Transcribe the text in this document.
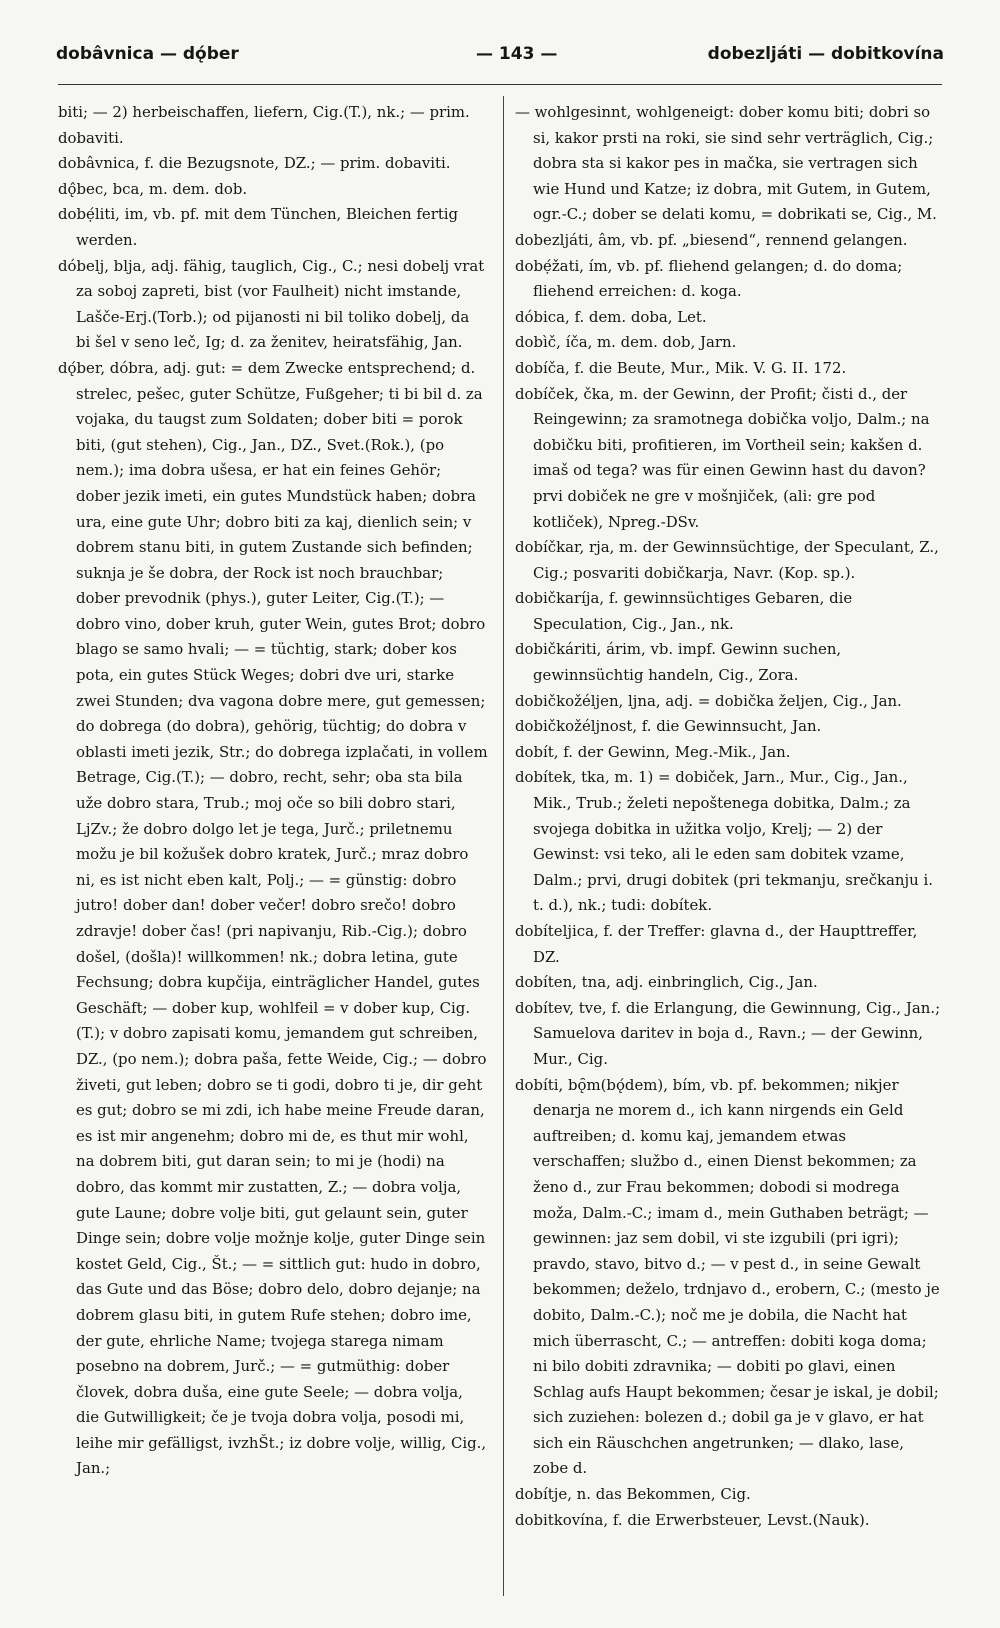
dobâvnica — dǫ́ber	— 143 —	dobezljáti — dobitkovína

biti; — 2) herbeischaffen, liefern, Cig.(T.), nk.; — prim. dobaviti.

dobâvnica, f. die Bezugsnote, DZ.; — prim. dobaviti.

dǫ̂bec, bca, m. dem. dob.

dobẹ́liti, im, vb. pf. mit dem Tünchen, Bleichen fertig werden.

dóbelj, blja, adj. fähig, tauglich, Cig., C.; nesi dobelj vrat za soboj zapreti, bist (vor Faulheit) nicht imstande, Lašče-Erj.(Torb.); od pijanosti ni bil toliko dobelj, da bi šel v seno leč, Ig; d. za ženitev, heiratsfähig, Jan.

dǫ́ber, dóbra, adj. gut: = dem Zwecke entsprechend; d. strelec, pešec, guter Schütze, Fußgeher; ti bi bil d. za vojaka, du taugst zum Soldaten; dober biti = porok biti, (gut stehen), Cig., Jan., DZ., Svet.(Rok.), (po nem.); ima dobra ušesa, er hat ein feines Gehör; dober jezik imeti, ein gutes Mundstück haben; dobra ura, eine gute Uhr; dobro biti za kaj, dienlich sein; v dobrem stanu biti, in gutem Zustande sich befinden; suknja je še dobra, der Rock ist noch brauchbar; dober prevodnik (phys.), guter Leiter, Cig.(T.); — dobro vino, dober kruh, guter Wein, gutes Brot; dobro blago se samo hvali; — = tüchtig, stark; dober kos pota, ein gutes Stück Weges; dobri dve uri, starke zwei Stunden; dva vagona dobre mere, gut gemessen; do dobrega (do dobra), gehörig, tüchtig; do dobra v oblasti imeti jezik, Str.; do dobrega izplačati, in vollem Betrage, Cig.(T.); — dobro, recht, sehr; oba sta bila uže dobro stara, Trub.; moj oče so bili dobro stari, LjZv.; že dobro dolgo let je tega, Jurč.; priletnemu možu je bil kožušek dobro kratek, Jurč.; mraz dobro ni, es ist nicht eben kalt, Polj.; — = günstig: dobro jutro! dober dan! dober večer! dobro srečo! dobro zdravje! dober čas! (pri napivanju, Rib.-Cig.); dobro došel, (došla)! willkommen! nk.; dobra letina, gute Fechsung; dobra kupčija, einträglicher Handel, gutes Geschäft; — dober kup, wohlfeil = v dober kup, Cig. (T.); v dobro zapisati komu, jemandem gut schreiben, DZ., (po nem.); dobra paša, fette Weide, Cig.; — dobro živeti, gut leben; dobro se ti godi, dobro ti je, dir geht es gut; dobro se mi zdi, ich habe meine Freude daran, es ist mir angenehm; dobro mi de, es thut mir wohl, na dobrem biti, gut daran sein; to mi je (hodi) na dobro, das kommt mir zustatten, Z.; — dobra volja, gute Laune; dobre volje biti, gut gelaunt sein, guter Dinge sein; dobre volje možnje kolje, guter Dinge sein kostet Geld, Cig., Št.; — = sittlich gut: hudo in dobro, das Gute und das Böse; dobro delo, dobro dejanje; na dobrem glasu biti, in gutem Rufe stehen; dobro ime, der gute, ehrliche Name; tvojega starega nimam posebno na dobrem, Jurč.; — = gutmüthig: dober človek, dobra duša, eine gute Seele; — dobra volja, die Gutwilligkeit; če je tvoja dobra volja, posodi mi, leihe mir gefälligst, ivzhŠt.; iz dobre volje, willig, Cig., Jan.;

— wohlgesinnt, wohlgeneigt: dober komu biti; dobri so si, kakor prsti na roki, sie sind sehr verträglich, Cig.; dobra sta si kakor pes in mačka, sie vertragen sich wie Hund und Katze; iz dobra, mit Gutem, in Gutem, ogr.-C.; dober se delati komu, = dobrikati se, Cig., M.

dobezljáti, âm, vb. pf. „biesend“, rennend gelangen.

dobẹ́žati, ím, vb. pf. fliehend gelangen; d. do doma; fliehend erreichen: d. koga.

dóbica, f. dem. doba, Let.

dobìč, íča, m. dem. dob, Jarn.

dobíča, f. die Beute, Mur., Mik. V. G. II. 172.

dobíček, čka, m. der Gewinn, der Profit; čisti d., der Reingewinn; za sramotnega dobička voljo, Dalm.; na dobičku biti, profitieren, im Vortheil sein; kakšen d. imaš od tega? was für einen Gewinn hast du davon? prvi dobiček ne gre v mošnjiček, (ali: gre pod kotliček), Npreg.-DSv.

dobíčkar, rja, m. der Gewinnsüchtige, der Speculant, Z., Cig.; posvariti dobičkarja, Navr. (Kop. sp.).

dobičkaríja, f. gewinnsüchtiges Gebaren, die Speculation, Cig., Jan., nk.

dobičkáriti, árim, vb. impf. Gewinn suchen, gewinnsüchtig handeln, Cig., Zora.

dobičkožéljen, ljna, adj. = dobička željen, Cig., Jan.

dobičkožéljnost, f. die Gewinnsucht, Jan.

dobít, f. der Gewinn, Meg.-Mik., Jan.

dobítek, tka, m. 1) = dobiček, Jarn., Mur., Cig., Jan., Mik., Trub.; želeti nepoštenega dobitka, Dalm.; za svojega dobitka in užitka voljo, Krelj; — 2) der Gewinst: vsi teko, ali le eden sam dobitek vzame, Dalm.; prvi, drugi dobitek (pri tekmanju, srečkanju i. t. d.), nk.; tudi: dobítek.

dobíteljica, f. der Treffer: glavna d., der Haupttreffer, DZ.

dobíten, tna, adj. einbringlich, Cig., Jan.

dobítev, tve, f. die Erlangung, die Gewinnung, Cig., Jan.; Samuelova daritev in boja d., Ravn.; — der Gewinn, Mur., Cig.

dobíti, bǫ̑m(bǫ́dem), bím, vb. pf. bekommen; nikjer denarja ne morem d., ich kann nirgends ein Geld auftreiben; d. komu kaj, jemandem etwas verschaffen; službo d., einen Dienst bekommen; za ženo d., zur Frau bekommen; dobodi si modrega moža, Dalm.-C.; imam d., mein Guthaben beträgt; — gewinnen: jaz sem dobil, vi ste izgubili (pri igri); pravdo, stavo, bitvo d.; — v pest d., in seine Gewalt bekommen; deželo, trdnjavo d., erobern, C.; (mesto je dobito, Dalm.-C.); noč me je dobila, die Nacht hat mich überrascht, C.; — antreffen: dobiti koga doma; ni bilo dobiti zdravnika; — dobiti po glavi, einen Schlag aufs Haupt bekommen; česar je iskal, je dobil; sich zuziehen: bolezen d.; dobil ga je v glavo, er hat sich ein Räuschchen angetrunken; — dlako, lase, zobe d.

dobítje, n. das Bekommen, Cig.

dobitkovína, f. die Erwerbsteuer, Levst.(Nauk).
